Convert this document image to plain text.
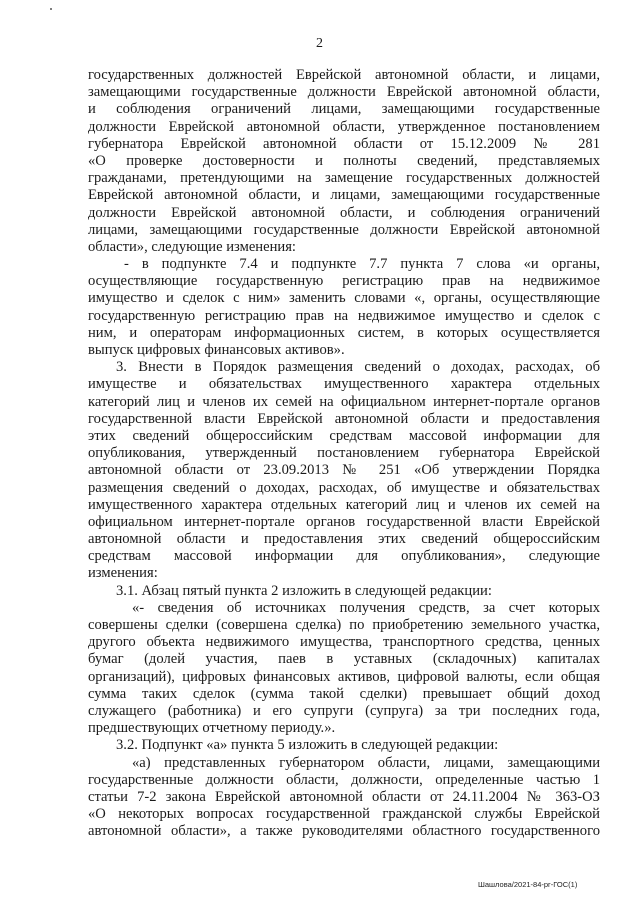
2
государственных должностей Еврейской автономной области, и лицами,
замещающими государственные должности Еврейской автономной области,
и соблюдения ограничений лицами, замещающими государственные
должности Еврейской автономной области, утвержденное постановлением
губернатора Еврейской автономной области от 15.12.2009 № 281
«О проверке достоверности и полноты сведений, представляемых
гражданами, претендующими на замещение государственных должностей
Еврейской автономной области, и лицами, замещающими государственные
должности Еврейской автономной области, и соблюдения ограничений
лицами, замещающими государственные должности Еврейской автономной
области», следующие изменения:
- в подпункте 7.4 и подпункте 7.7 пункта 7 слова «и органы,
осуществляющие государственную регистрацию прав на недвижимое
имущество и сделок с ним» заменить словами «, органы, осуществляющие
государственную регистрацию прав на недвижимое имущество и сделок с
ним, и операторам информационных систем, в которых осуществляется
выпуск цифровых финансовых активов».
3. Внести в Порядок размещения сведений о доходах, расходах, об
имуществе и обязательствах имущественного характера отдельных
категорий лиц и членов их семей на официальном интернет-портале органов
государственной власти Еврейской автономной области и предоставления
этих сведений общероссийским средствам массовой информации для
опубликования, утвержденный постановлением губернатора Еврейской
автономной области от 23.09.2013 № 251 «Об утверждении Порядка
размещения сведений о доходах, расходах, об имуществе и обязательствах
имущественного характера отдельных категорий лиц и членов их семей на
официальном интернет-портале органов государственной власти Еврейской
автономной области и предоставления этих сведений общероссийским
средствам массовой информации для опубликования», следующие
изменения:
3.1. Абзац пятый пункта 2 изложить в следующей редакции:
«- сведения об источниках получения средств, за счет которых
совершены сделки (совершена сделка) по приобретению земельного участка,
другого объекта недвижимого имущества, транспортного средства, ценных
бумаг (долей участия, паев в уставных (складочных) капиталах
организаций), цифровых финансовых активов, цифровой валюты, если общая
сумма таких сделок (сумма такой сделки) превышает общий доход
служащего (работника) и его супруги (супруга) за три последних года,
предшествующих отчетному периоду.».
3.2. Подпункт «а» пункта 5 изложить в следующей редакции:
«а) представленных губернатором области, лицами, замещающими
государственные должности области, должности, определенные частью 1
статьи 7-2 закона Еврейской автономной области от 24.11.2004 № 363-ОЗ
«О некоторых вопросах государственной гражданской службы Еврейской
автономной области», а также руководителями областного государственного
Шашлова/2021-84-рг-ГОС(1)
